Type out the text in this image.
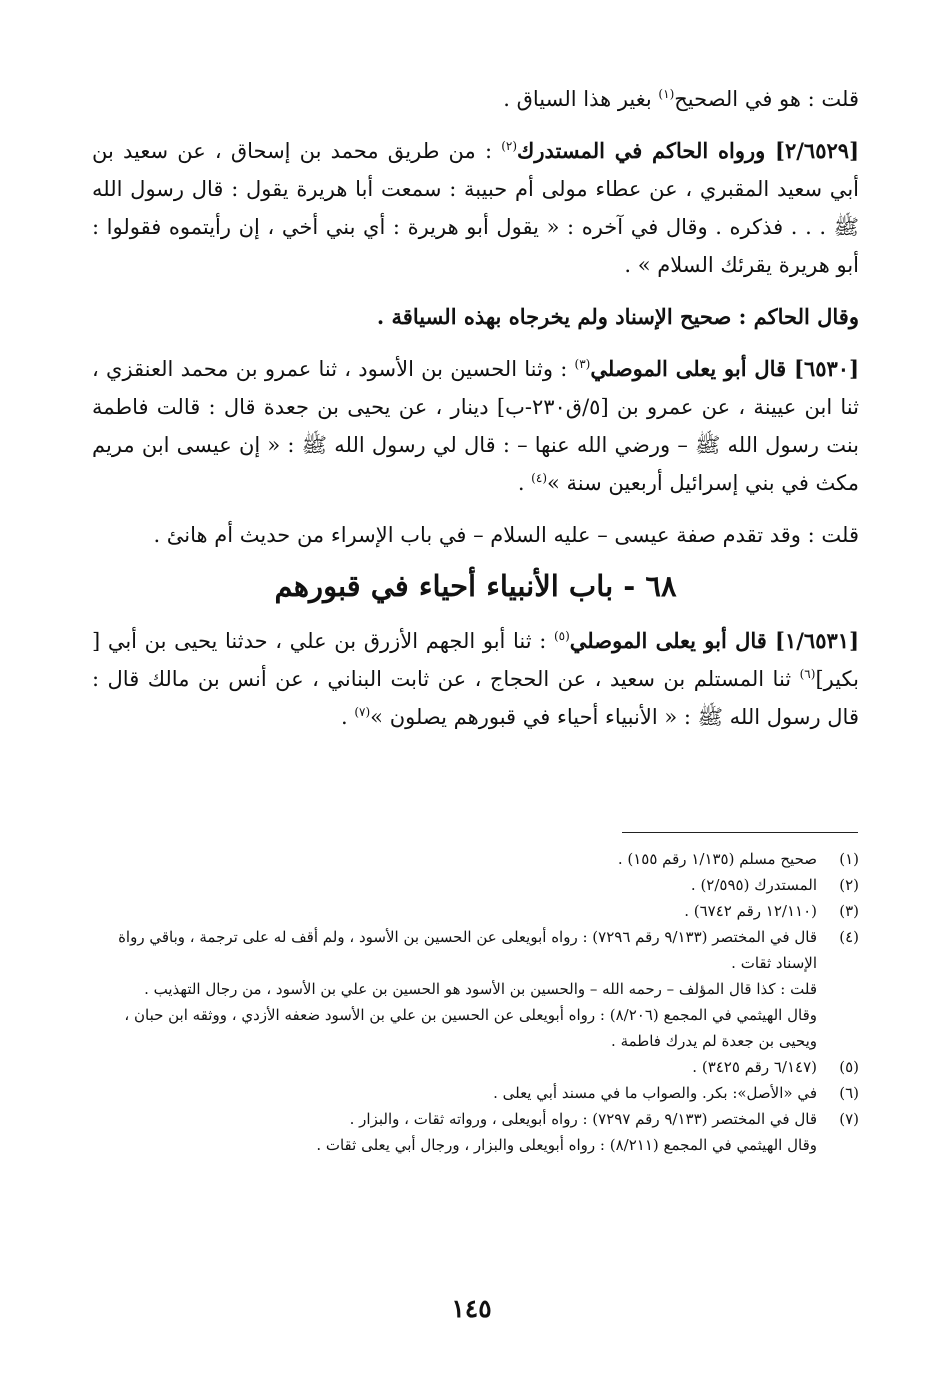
قلت : هو في الصحيح$^{(١)}$ بغير هذا السياق .

[٢/٦٥٢٩] ورواه الحاكم في المستدرك$^{(٢)}$ : من طريق محمد بن إسحاق ، عن سعيد بن أبي سعيد المقبري ، عن عطاء مولى أم حبيبة : سمعت أبا هريرة يقول : قال رسول الله ﷺ . . . فذكره . وقال في آخره : « يقول أبو هريرة : أي بني أخي ، إن رأيتموه فقولوا : أبو هريرة يقرئك السلام » .

وقال الحاكم : صحيح الإسناد ولم يخرجاه بهذه السياقة .

[٦٥٣٠] قال أبو يعلى الموصلي$^{(٣)}$ : وثنا الحسين بن الأسود ، ثنا عمرو بن محمد العنقزي ، ثنا ابن عيينة ، عن عمرو بن [٥/ق٢٣٠-ب] دينار ، عن يحيى بن جعدة قال : قالت فاطمة بنت رسول الله ﷺ – ورضي الله عنها – : قال لي رسول الله ﷺ : « إن عيسى ابن مريم مكث في بني إسرائيل أربعين سنة »$^{(٤)}$ .

قلت : وقد تقدم صفة عيسى – عليه السلام – في باب الإسراء من حديث أم هانئ .

٦٨ - باب الأنبياء أحياء في قبورهم

[١/٦٥٣١] قال أبو يعلى الموصلي$^{(٥)}$ : ثنا أبو الجهم الأزرق بن علي ، حدثنا يحيى بن أبي [ بكير]$^{(٦)}$ ثنا المستلم بن سعيد ، عن الحجاج ، عن ثابت البناني ، عن أنس بن مالك قال : قال رسول الله ﷺ : « الأنبياء أحياء في قبورهم يصلون »$^{(٧)}$ .

(١)
صحيح مسلم (١/١٣٥ رقم ١٥٥) .
(٢)
المستدرك (٢/٥٩٥) .
(٣)
(١٢/١١٠ رقم ٦٧٤٢) .
(٤)
قال في المختصر (٩/١٣٣ رقم ٧٢٩٦) : رواه أبويعلى عن الحسين بن الأسود ، ولم أقف له على ترجمة ، وباقي رواة الإسناد ثقات .
قلت : كذا قال المؤلف – رحمه الله – والحسين بن الأسود هو الحسين بن علي بن الأسود ، من رجال التهذيب .
وقال الهيثمي في المجمع (٨/٢٠٦) : رواه أبويعلى عن الحسين بن علي بن الأسود ضعفه الأزدي ، ووثقه ابن حبان ، ويحيى بن جعدة لم يدرك فاطمة .
(٥)
(٦/١٤٧ رقم ٣٤٢٥) .
(٦)
في «الأصل»: بكر. والصواب ما في مسند أبي يعلى .
(٧)
قال في المختصر (٩/١٣٣ رقم ٧٢٩٧) : رواه أبويعلى ، ورواته ثقات ، والبزار .
وقال الهيثمي في المجمع (٨/٢١١) : رواه أبويعلى والبزار ، ورجال أبي يعلى ثقات .
١٤٥
